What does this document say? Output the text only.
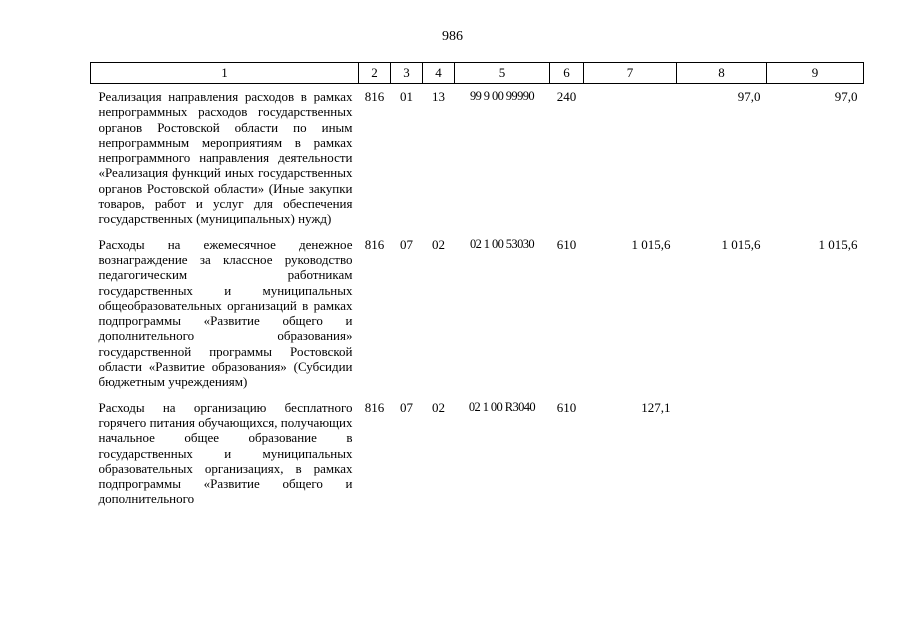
986
1	2	3	4	5	6	7	8	9
Реализация направления расходов в рамках непрограммных расходов государственных органов Ростовской области по иным непрограммным мероприятиям в рамках непрограммного направления деятельности «Реализация функций иных государственных органов Ростовской области» (Иные закупки товаров, работ и услуг для обеспечения государственных (муниципальных) нужд)	816	01	13	99 9 00 99990	240		97,0	97,0
Расходы на ежемесячное денежное вознаграждение за классное руководство педагогическим работникам государственных и муниципальных общеобразовательных организаций в рамках подпрограммы «Развитие общего и дополнительного образования» государственной программы Ростовской области «Развитие образования» (Субсидии бюджетным учреждениям)	816	07	02	02 1 00 53030	610	1 015,6	1 015,6	1 015,6
Расходы на организацию бесплатного горячего питания обучающихся, получающих начальное общее образование в государственных и муниципальных образовательных организациях, в рамках подпрограммы «Развитие общего и дополнительного	816	07	02	02 1 00 R3040	610	127,1		
